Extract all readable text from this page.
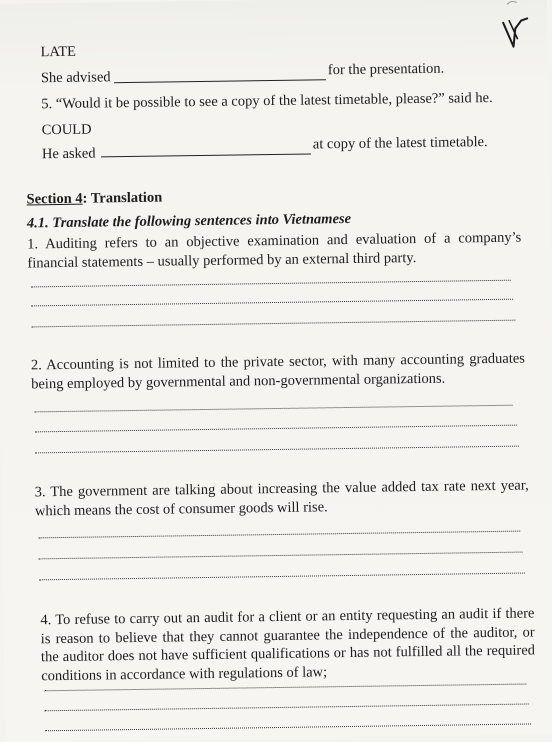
LATE
She advised	for the presentation.
5. “Would it be possible to see a copy of the latest timetable, please?” said he.
COULD
He asked
at copy of the latest timetable.
Section 4: Translation
4.1. Translate the following sentences into Vietnamese
1. Auditing refers to an objective examination and evaluation of a company’s financial statements – usually performed by an external third party.
2. Accounting is not limited to the private sector, with many accounting graduates being employed by governmental and non-governmental organizations.
3. The government are talking about increasing the value added tax rate next year, which means the cost of consumer goods will rise.
4. To refuse to carry out an audit for a client or an entity requesting an audit if there is reason to believe that they cannot guarantee the independence of the auditor, or the auditor does not have sufficient qualifications or has not fulfilled all the required conditions in accordance with regulations of law;
